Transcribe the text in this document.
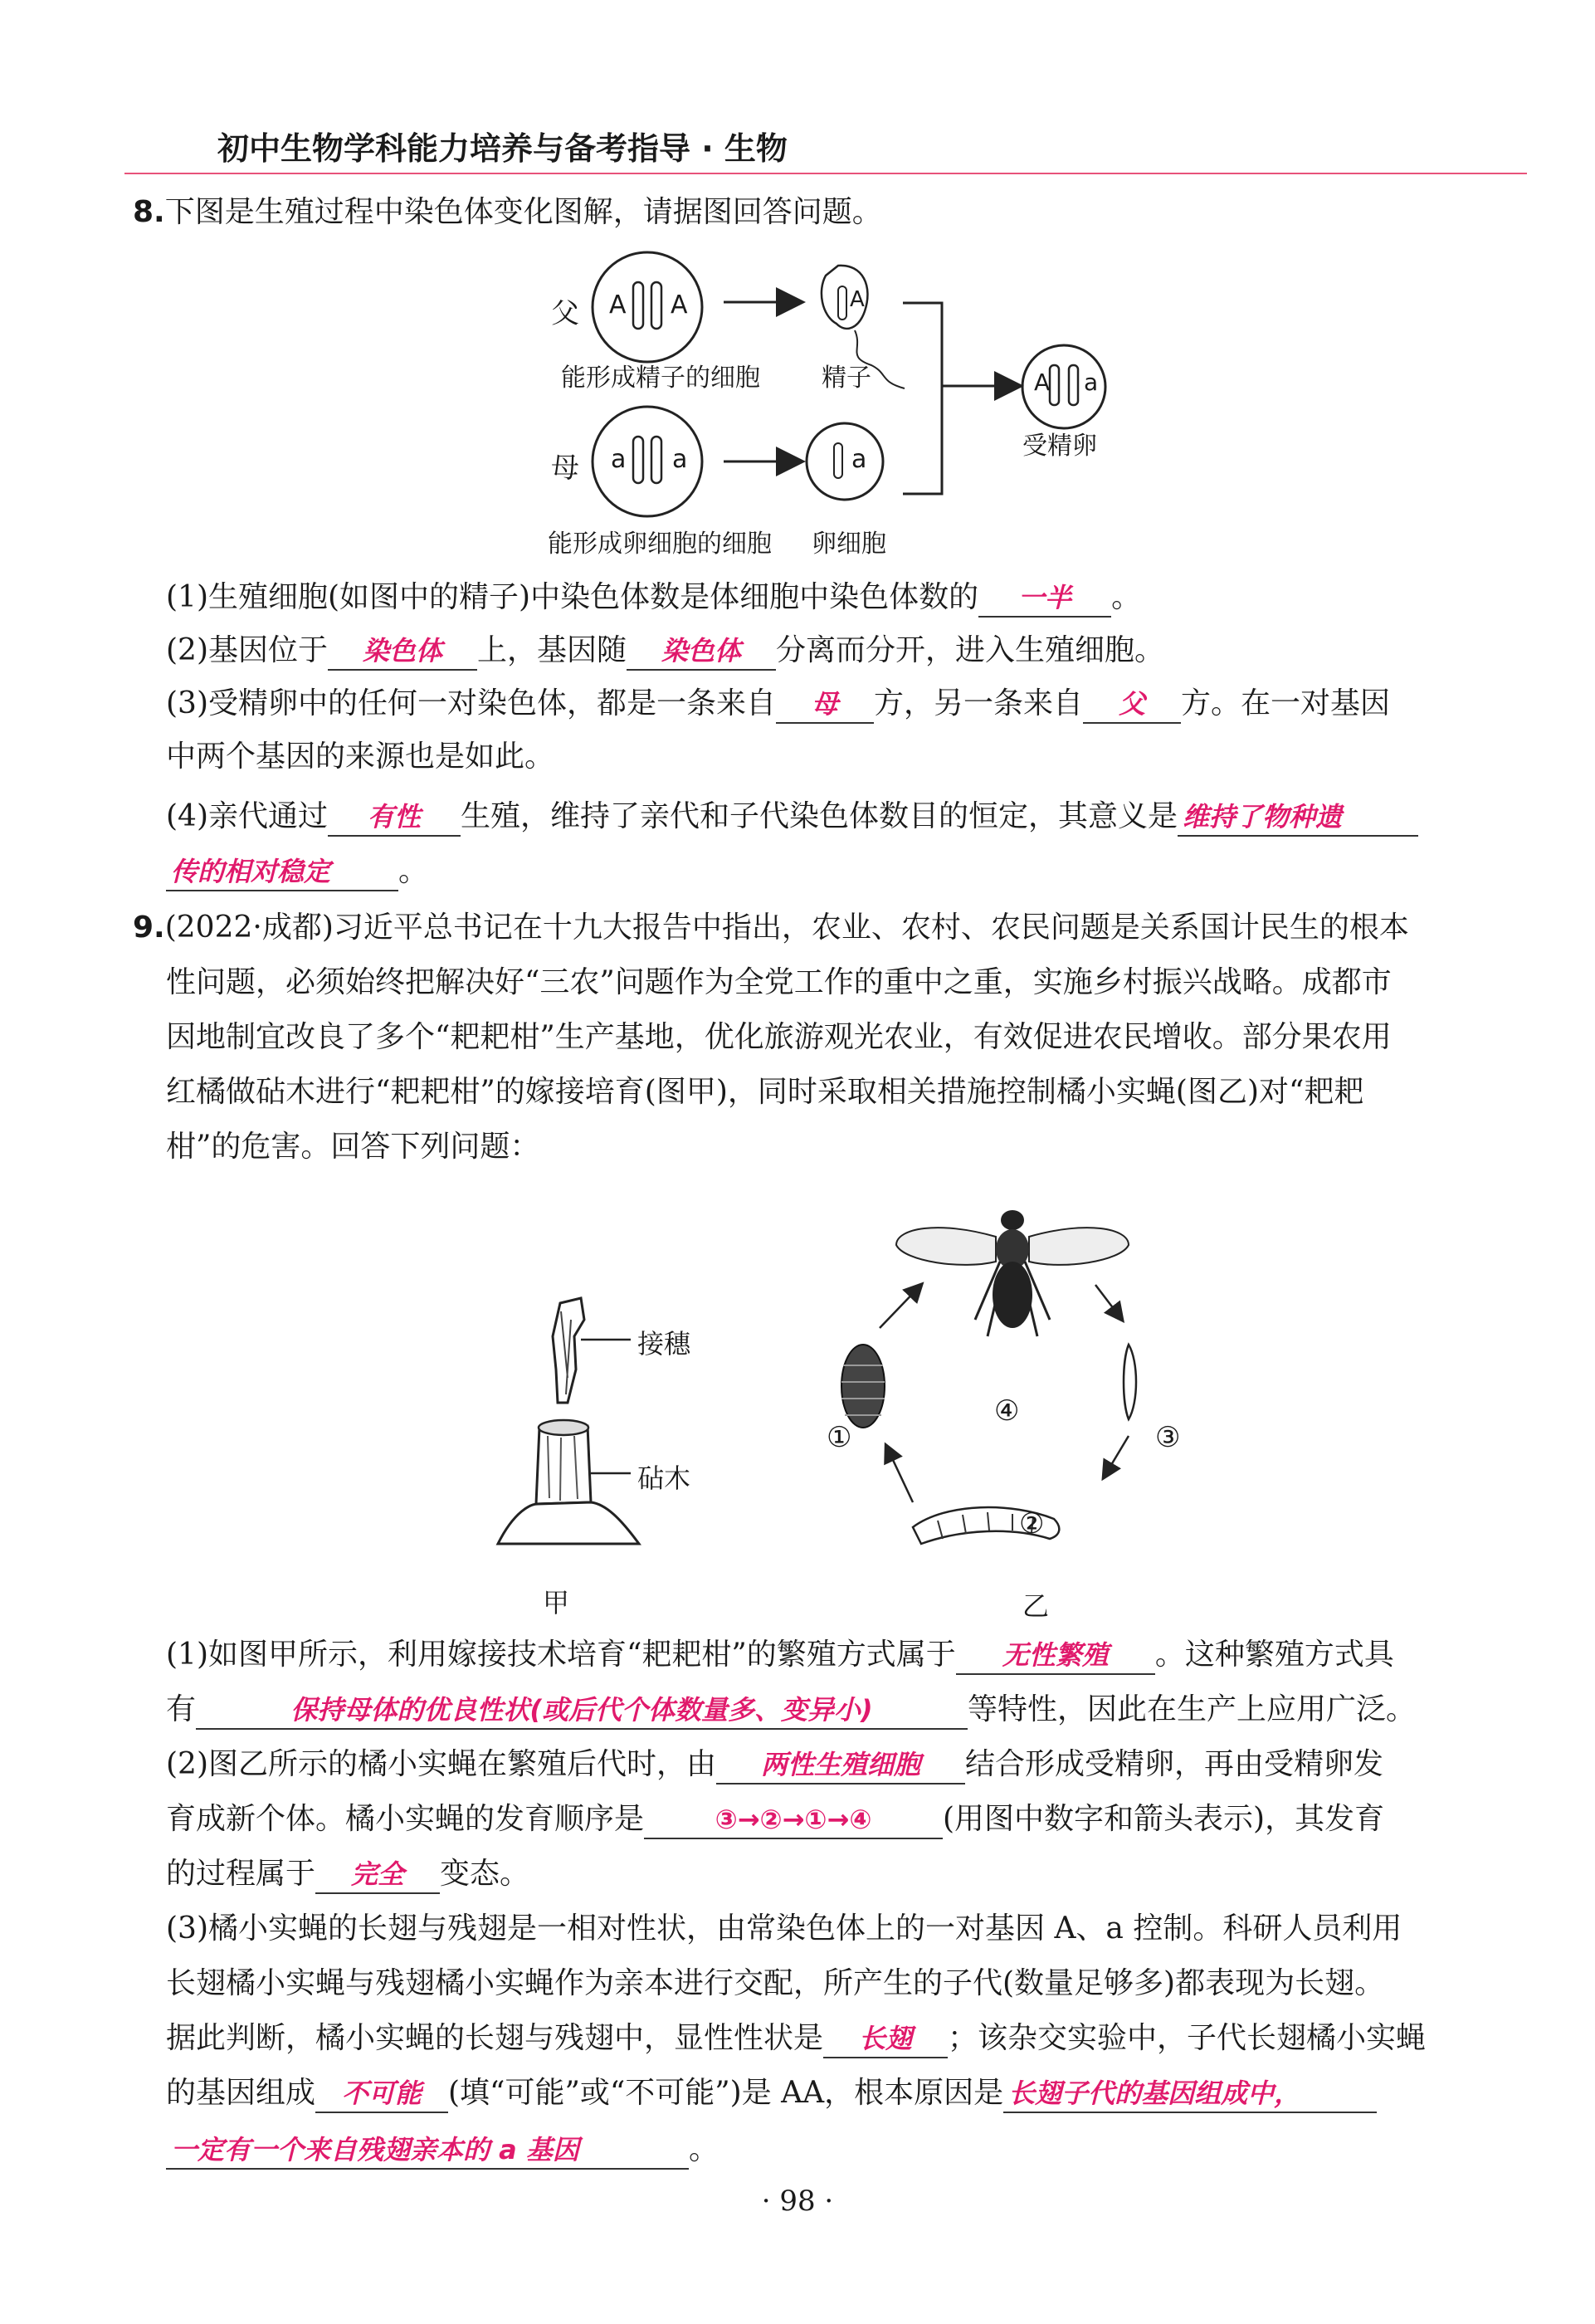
初中生物学科能力培养与备考指导 · 生物
8.下图是生殖过程中染色体变化图解，请据图回答问题。
父 A A	A
能形成精子的细胞 精子	A a
受精卵
母 a a	a
能形成卵细胞的细胞 卵细胞
(1)生殖细胞(如图中的精子)中染色体数是体细胞中染色体数的 一半 。
(2)基因位于 染色体 上，基因随 染色体 分离而分开，进入生殖细胞。
(3)受精卵中的任何一对染色体，都是一条来自 母 方，另一条来自 父 方。在一对基因
中两个基因的来源也是如此。
(4)亲代通过 有性 生殖，维持了亲代和子代染色体数目的恒定，其意义是 维持了物种遗
传的相对稳定 。
9.(2022·成都)习近平总书记在十九大报告中指出，农业、农村、农民问题是关系国计民生的根本
性问题，必须始终把解决好“三农”问题作为全党工作的重中之重，实施乡村振兴战略。成都市
因地制宜改良了多个“耙耙柑”生产基地，优化旅游观光农业，有效促进农民增收。部分果农用
红橘做砧木进行“耙耙柑”的嫁接培育(图甲)，同时采取相关措施控制橘小实蝇(图乙)对“耙耙
柑”的危害。回答下列问题：
接穗
砧木
甲
①
②
③
④
乙
(1)如图甲所示，利用嫁接技术培育“耙耙柑”的繁殖方式属于 无性繁殖 。这种繁殖方式具
有	保持母体的优良性状(或后代个体数量多、变异小)	等特性，因此在生产上应用广泛。
(2)图乙所示的橘小实蝇在繁殖后代时，由 两性生殖细胞 结合形成受精卵，再由受精卵发
育成新个体。橘小实蝇的发育顺序是	③→②→①→④ (用图中数字和箭头表示)，其发育
的过程属于 完全 变态。
(3)橘小实蝇的长翅与残翅是一相对性状，由常染色体上的一对基因 A、a 控制。科研人员利用
长翅橘小实蝇与残翅橘小实蝇作为亲本进行交配，所产生的子代(数量足够多)都表现为长翅。
据此判断，橘小实蝇的长翅与残翅中，显性性状是 长翅 ；该杂交实验中，子代长翅橘小实蝇
的基因组成 不可能 (填“可能”或“不可能”)是 AA，根本原因是 长翅子代的基因组成中，
一定有一个来自残翅亲本的 a 基因	。
· 98 ·
